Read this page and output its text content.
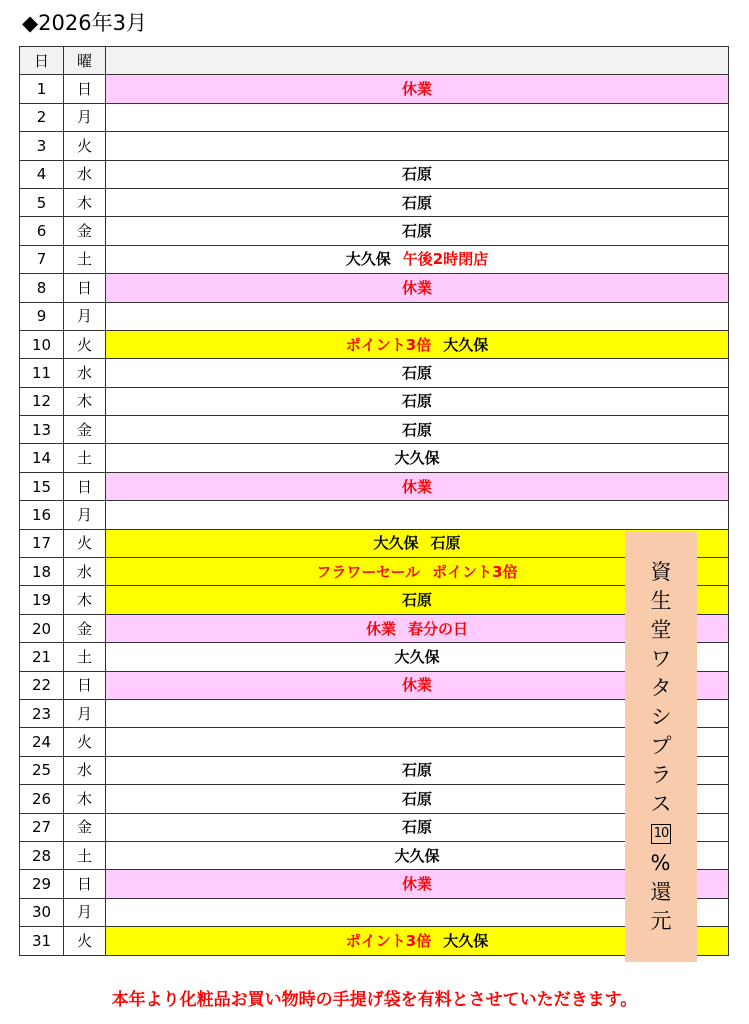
◆2026年3月
日	曜	
1	日	休業
2	月	
3	火	
4	水	石原
5	木	石原
6	金	石原
7	土	大久保 午後2時閉店
8	日	休業
9	月	
10	火	ポイント3倍 大久保
11	水	石原
12	木	石原
13	金	石原
14	土	大久保
15	日	休業
16	月	
17	火	大久保 石原
18	水	フラワーセール ポイント3倍
19	木	石原
20	金	休業 春分の日
21	土	大久保
22	日	休業
23	月	
24	火	
25	水	石原
26	木	石原
27	金	石原
28	土	大久保
29	日	休業
30	月	
31	火	ポイント3倍 大久保
資
生
堂
ワ
タ
シ
プ
ラ
ス
10
%
還
元
本年より化粧品お買い物時の手提げ袋を有料とさせていただきます。
